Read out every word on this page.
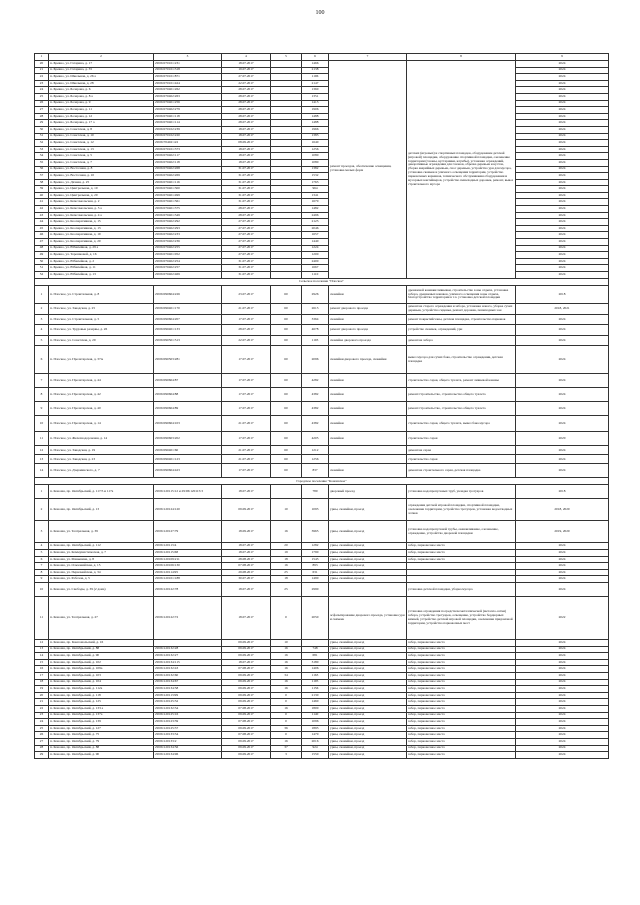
100
1	2	3	4	5	6	7	8	9
20	п. Бревно, ул. Гагарина, д. 17	29:06:070101:231	18.07.2017		1466	ремонт проездов, обеспечение освещения, установка малых форм	детских (игровых) и спортивных площадок, оборудование детской (игровой) площадки, оборудование спортивной площадки, озеленение территории (газоны, кустарники, клумбы), установка ограждений, декоративные ограждения для газонов, обрезка деревьев и кустов, уборка аварийных деревьев, снос деревьев, устройство урн для мусора, установка скамеек и уличного освещения территории, устройство парковочных карманов, технического обслуживания оборудования и мусорных контейнеров, устройство пешеходных дорожек, ремонт, вывоз строительного мусора	2024
21	п. Бревно, ул. Гагарина, д. 35	29:06:070101:318	19.07.2017		2138			2024
22	п. Бревно, ул. Школьная, д. 26 а	29:06:070101:871	27.07.2017		1196			2024
23	п. Бревно, ул. Школьная, д. 28	29:06:070101:424	22.07.2017		2147			2024
24	п. Бревно, ул. Бочарова, д. 6	29:06:070401:262	28.07.2017		1360			2024
25	п. Бревно, ул. Бочарова, д. 8 а	29:06:070402:263	28.07.2017		1351			2024
26	п. Бревно, ул. Бочарова, д. 9	29:06:070401:256	28.07.2017		1413			2024
27	п. Бревно, ул. Бочарова, д. 11	29:06:070402:279	28.07.2017		1906			2024
28	п. Бревно, ул. Бочарова, д. 12	29:06:070401:118	28.07.2017		1488			2024
29	п. Бревно, ул. Бочарова, д. 17 а	29:06:070401:114	28.07.2017		1488			2024
30	п. Бревно, ул. Советская, д. 8	29:06:070102:239	18.07.2017		1966			2024
31	п. Бревно, ул. Советская, д. 10	29:06:070102:220	18.07.2017		1383			2024
32	п. Бревно, ул. Советская, д. 12	29:06:70402:122	08.09.2017		1640			2024
33	п. Бревно, ул. Советская, д. 13	29:06:070101:373	18.07.2017		1256			2024
34	п. Бревно, ул. Советская, д. 5	29:06:070402:117	18.07.2017		1080			2024
35	п. Бревно, ул. Советская, д. 7	29:06:070402:118	18.07.2017		1080			2024
36	п. Бревно, ул. Восточная, д. 8	29:06:070402:268	31.07.2017		1382			2024
37	п. Бревно, ул. Восточная, д. 10	29:06:070402:269	31.07.2017		1532			2024
38	п. Бревно, ул. Дачная, д. 25	29:06:070401:116	31.07.2017		1763			2024
39	п. Бревно, ул. Центральная, д. 10	29:06:070401:300	31.07.2017		964			2024
40	п. Бревно, ул. Центральная, д. 20	29:06:070401:499	31.07.2017		1341			2024
41	п. Бревно, ул. Комсомольская, д. 2	29:06:070401:361	31.07.2017		1670			2024
42	п. Бревно, ул. Комсомольская, д. 3 а	29:06:070401:375	28.07.2017		1482			2024
43	п. Бревно, ул. Комсомольская, д. 4 а	29:06:070401:349	28.07.2017		2496			2024
44	п. Бревно, ул. Кооперативная, д. 15	29:06:070402:292	27.07.2017		2123			2024
45	п. Бревно, ул. Кооперативная, д. 13	29:06:070402:293	27.07.2017		2046			2024
46	п. Бревно, ул. Кооперативная, д. 19	29:06:070402:233	27.07.2017		1657			2024
47	п. Бревно, ул. Кооперативная, д. 20	29:06:070402:236	27.07.2017		1440			2024
48	п. Бревно, ул. Юбилейная, д. 29 а	29:06:070402:255	27.07.2017		1224			2024
49	п. Бревно, ул. Терешковой, д. 16	29:06:070401:052	27.07.2017		1200			2024
50	п. Бревно, ул. Юбилейная, д. 2	29:06:070402:254	31.07.2017		2400			2024
51	п. Бревно, ул. Юбилейная, д. 11	29:06:070402:257	31.07.2017		1667			2024
52	п. Бревно, ул. Юбилейная, д. 13	29:06:070402:469	31.07.2017		1110			2024
Сельское поселение "Плоское"								
1	п. Плоское, ул. Строительная, д. 8	29:06:090604:226	23.07.2017	60	2926	скамейки	дренажной канавки/ливневки, строительство зоны отдыха, установка забора, дренажных канавок, уличного освещения зоны отдыха, благоустройство территории в т.ч. установка детской площадки	2018
2	п. Плоское, ул. Заводская, д. 25	29:06:090401:170	21.07.2017	60	2613	ремонт дворового проезда	демонтаж старого ограждения и забора, установка нового, уборка сухих деревьев, устройство сиденья, ремонт дорожек, пешеходных зон	2018, 2021
3	п. Плоское, ул. Строительная, д. 5	29:06:090604:207	17.07.2017	60	3364	скамейки	ремонт покрытий/зоны, детская площадка, строительство парковок	2024
4	п. Плоское, ул. Трудовые резервы, д. 26	29:06:090401:133	28.07.2017	60	4678	ремонт дворового проезда	устройство скамеек, ограждений, урн	2024
5	п. Плоское, ул. Советская, д. 29	29:06:090501:513	22.07.2017	60	1193	скамейка дворового проезда	демонтаж забора	2024
6	п. Плоское, ул. Пролетарская, д. 37А	29:06:090503:281	17.07.2017	60	2096	скамейки дворового проезда, скамейки	вывоз мусора для сухих бака, строительство ограждения, детская площадка	2024
7	п. Плоское, ул. Пролетарская, д. 44	29:06:090604:87	17.07.2017	60	4282	скамейки	строительство сарая, общего туалета, ремонт ливневой канавы	2024
8	п. Плоское, ул. Пролетарская, д. 42	29:06:090604:88	17.07.2017	60	4382	скамейки	ремонт/строительство, строительство общего туалета	2024
9	п. Плоское, ул. Пролетарская, д. 40	29:06:090604:89	17.07.2017	60	4382	скамейки	ремонт/строительство, строительство общего туалета	2024
10	п. Плоское, ул. Пролетарская, д. 14	29:06:090604:103	21.07.2017	60	4382	скамейки	строительство сарая, общего туалета, вывоз бака мусора	2024
11	п. Плоское, ул. Железнодорожная, д. 14	29:06:090603:202	17.07.2017	60	4205	скамейки	строительство сарая	2020
12	п. Плоское, ул. Заводская, д. 19	29:06:090401:60	21.07.2017	60	1212		демонтаж сарая	2024
13	п. Плоское, ул. Заводская, д. 23	29:06:090401:123	21.07.2017	60	1256		строительство сарая	2024
14	п. Плоское, ул. Дзержинского, д. 7	29:06:090604:423	17.07.2017	60	837	скамейки	демонтаж строительного сарая, детская площадка	2024
Городское поселение "Коношское"								
1	п. Коноша, пр. Октябрьский, д. 117/5 и 117а	29:06:120115:12 и 29:06:120115:3	18.07.2017		780	дворовый проезд	установка водопропускных труб, укладка тротуаров	2018
2	п. Коноша, пр. Октябрьский, д. 13	29:06:120124:120	09.09.2017	10	1093	урны, скамейки, проезд	ограждения детской игровой площадки, спортивной площадки, озеленение территории, устройство тротуаров, установка водоотводных лотков	2018, 2020
3	п. Коноша, ул. Театральная, д. 39	29:06:120127:79	18.09.2017	16	3965	урны, скамейки, проезд	установка водопропускной трубы, оканавливание, озеленение, ограждение, устройство дворовой площадки	2019, 2020
4	п. Коноша, пр. Октябрьский, д. 112	29:06:120113:4	18.07.2017	20	1282	урны, скамейки, проезд	забор, парковочное место	2024
5	п. Коноша, ул. Коммунистическая, д. 7	29:06:120115:68	18.07.2017	19	1790	урны, скамейки, проезд	забор, парковочное место	2024
6	п. Коноша, ул. Маньшина, д. 8	29:06:120109:211	28.08.2017	18	1543	урны, скамейки, проезд	забор, парковочное место	2024
7	п. Коноша, ул. Ольховийская, д. 15	29:06:120106:130	07.08.2017	16	893	урны, скамейки, проезд		2024
8	п. Коноша, ул. Первомайская, д. 34	29:06:120114:95	29.08.2017	25	631	урны, скамейки, проезд		2024
9	п. Коноша, ул. Рабочая, д. 5	29:06:120101:188	30.07.2017	18	1490	урны, скамейки, проезд		2024
10	п. Коноша, ул. Свободы, д. 39 (2 дома)	29:06:120122:78	18.07.2017	25	2990		установка детской площадки, уборка мусора	2024
11	п. Коноша, ул. Театральная, д. 27	29:06:120122:72	18.07.2017	0	2050	асфальтирование дворового проезда, установка урн и скамеек	установка ограждения посредством металлической (металло-сетки) забора, устройство тротуаров, освещение, устройство бордюрных камней, устройство детской игровой площадки, озеленение придомовой территории, устройство парковочных мест	2022
12	п. Коноша, пр. Комсомольский, д. 16		09.09.2017	10		урны, скамейки, проезд	забор, парковочное место	2024
13	п. Коноша, пр. Октябрьский, д. 88	29:06:120132:28	09.09.2017	16	748	урны, скамейки, проезд	забор, парковочное место	2024
14	п. Коноша, пр. Октябрьский, д. 90	29:06:120132:27	09.09.2017	16	681	урны, скамейки, проезд	забор, парковочное место	2024
15	п. Коноша, пр. Октябрьский, д. 102	29:06:120134:115	18.07.2017	16	3180	урны, скамейки, проезд	забор, парковочное место	2024
16	п. Коноша, пр. Октябрьский, д. 109а	29:06:120132:43	07.08.2017	16	1406	урны, скамейки, проезд	забор, парковочное место	2024
17	п. Коноша, пр. Октябрьский, д. 103	29:06:120132:60	09.09.2017	34	1163	урны, скамейки, проезд	забор, парковочное место	2024
18	п. Коноша, пр. Октябрьский, д. 104	29:06:120134:67	09.09.2017	16	1195	урны, скамейки, проезд	забор, парковочное место	2024
19	п. Коноша, пр. Октябрьский, д. 112а	29:06:120134:58	09.09.2017	16	1156	урны, скамейки, проезд	забор, парковочное место	2024
20	п. Коноша, пр. Октябрьский, д. 118	29:08:120113:99	09.09.2017	0	2130	урны, скамейки, проезд	забор, парковочное место	2024
21	п. Коноша, пр. Октябрьский, д. 125	29:06:120125:32	09.09.2017	0	1460	урны, скамейки, проезд	забор, парковочное место	2024
22	п. Коноша, пр. Октябрьский, д. 133 а	29:06:120132:34	07.08.2017	16	1800	урны, скамейки, проезд	забор, парковочное место	2024
23	п. Коноша, пр. Октябрьский, д. 137а	29:06:120125:16	09.09.2017	0	1140	урны, скамейки, проезд	забор, парковочное место	2024
24	п. Коноша, пр. Октябрьский, д. 139	29:06:120123:39	07.08.2017	0	1096	урны, скамейки, проезд	забор, парковочное место	2024
25	п. Коноша, пр. Октябрьский, д. 127	29:06:120125:37	09.09.2017	36	1893	урны, скамейки, проезд	забор, парковочное место	2024
26	п. Коноша, пр. Октябрьский, д. 75	29:06:120133:34	07.08.2017	0	1470	урны, скамейки, проезд	забор, парковочное место	2024
27	п. Коноша, пр. Октябрьский, д. 79	29:06:120133:2	09.09.2017	16	2016	урны, скамейки, проезд	забор, парковочное место	2024
28	п. Коноша, пр. Октябрьский, д. 88	29:06:120134:56	09.09.2017	37	924	урны, скамейки, проезд	забор, парковочное место	2024
29	п. Коноша, пр. Октябрьский, д. 90	29:06:120134:96	09.09.2017	3	1550	урны, скамейки, проезд	забор, парковочное место	2024
